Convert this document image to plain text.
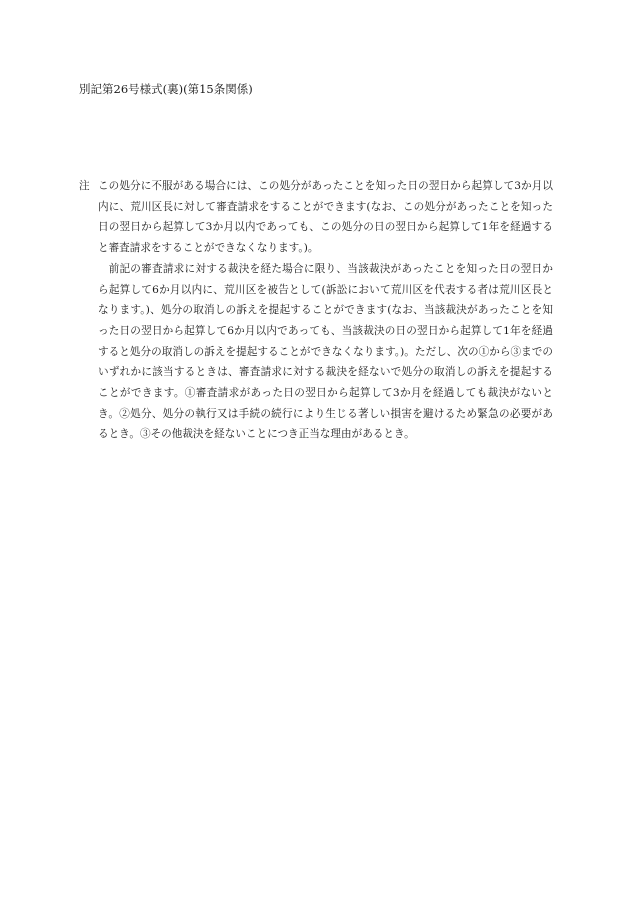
別記第26号様式(裏)(第15条関係)
注 この処分に不服がある場合には、この処分があったことを知った日の翌日から起算して3か月以内に、荒川区長に対して審査請求をすることができます(なお、この処分があったことを知った日の翌日から起算して3か月以内であっても、この処分の日の翌日から起算して1年を経過すると審査請求をすることができなくなります。)。

前記の審査請求に対する裁決を経た場合に限り、当該裁決があったことを知った日の翌日から起算して6か月以内に、荒川区を被告として(訴訟において荒川区を代表する者は荒川区長となります。)、処分の取消しの訴えを提起することができます(なお、当該裁決があったことを知った日の翌日から起算して6か月以内であっても、当該裁決の日の翌日から起算して1年を経過すると処分の取消しの訴えを提起することができなくなります。)。ただし、次の①から③までのいずれかに該当するときは、審査請求に対する裁決を経ないで処分の取消しの訴えを提起することができます。①審査請求があった日の翌日から起算して3か月を経過しても裁決がないとき。②処分、処分の執行又は手続の続行により生じる著しい損害を避けるため緊急の必要があるとき。③その他裁決を経ないことにつき正当な理由があるとき。
